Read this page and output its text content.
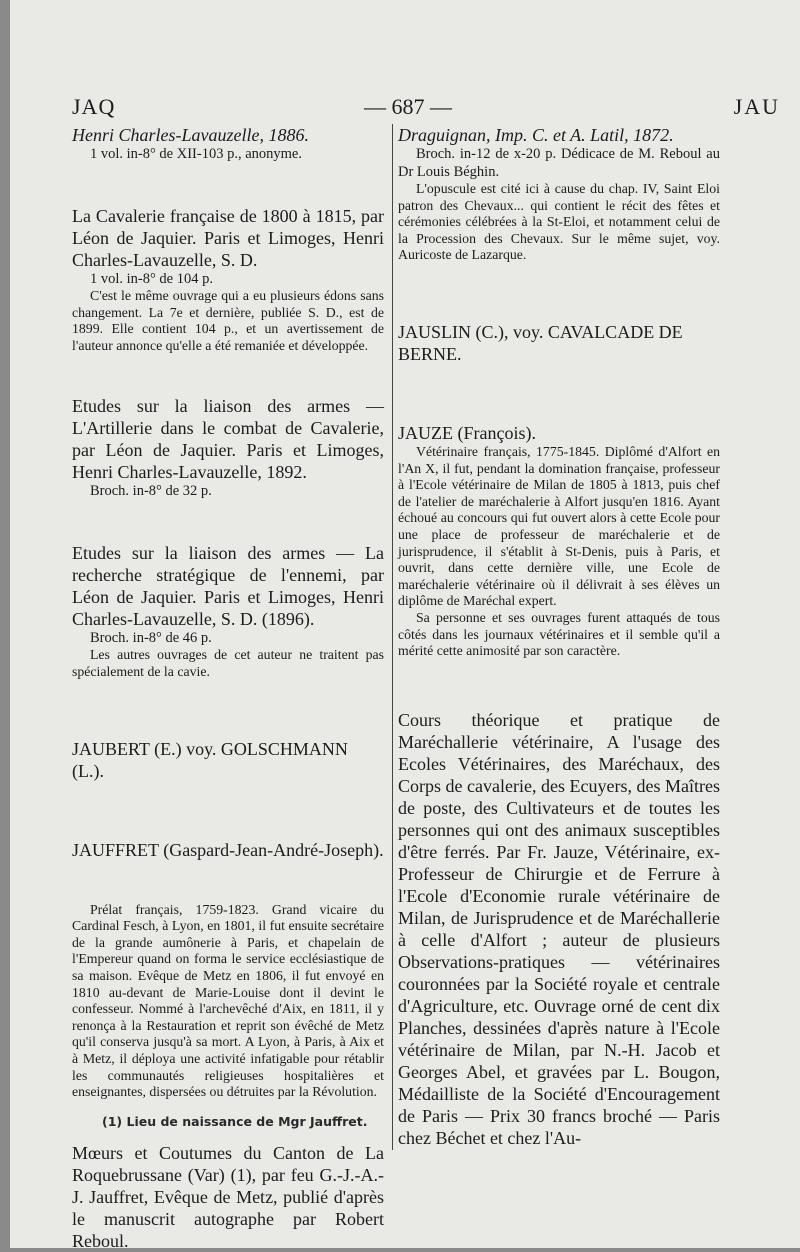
JAQ	— 687 —	JAU

Henri Charles-Lavauzelle, 1886.

1 vol. in-8° de XII-103 p., anonyme.

La Cavalerie française de 1800 à 1815, par Léon de Jaquier. Paris et Limoges, Henri Charles-Lavauzelle, S. D.

1 vol. in-8° de 104 p.

C'est le même ouvrage qui a eu plusieurs édons sans changement. La 7e et dernière, publiée S. D., est de 1899. Elle contient 104 p., et un avertissement de l'auteur annonce qu'elle a été remaniée et développée.

Etudes sur la liaison des armes — L'Artillerie dans le combat de Cavalerie, par Léon de Jaquier. Paris et Limoges, Henri Charles-Lavauzelle, 1892.

Broch. in-8° de 32 p.

Etudes sur la liaison des armes — La recherche stratégique de l'ennemi, par Léon de Jaquier. Paris et Limoges, Henri Charles-Lavauzelle, S. D. (1896).

Broch. in-8° de 46 p.

Les autres ouvrages de cet auteur ne traitent pas spécialement de la cavie.

JAUBERT (E.) voy. GOLSCHMANN (L.).

JAUFFRET (Gaspard-Jean-André-Joseph).

Prélat français, 1759-1823. Grand vicaire du Cardinal Fesch, à Lyon, en 1801, il fut ensuite secrétaire de la grande aumônerie à Paris, et chapelain de l'Empereur quand on forma le service ecclésiastique de sa maison. Evêque de Metz en 1806, il fut envoyé en 1810 au-devant de Marie-Louise dont il devint le confesseur. Nommé à l'archevêché d'Aix, en 1811, il y renonça à la Restauration et reprit son évêché de Metz qu'il conserva jusqu'à sa mort. A Lyon, à Paris, à Aix et à Metz, il déploya une activité infatigable pour rétablir les communautés religieuses hospitalières et enseignantes, dispersées ou détruites par la Révolution.

Mœurs et Coutumes du Canton de La Roquebrussane (Var) (1), par feu G.-J.-A.-J. Jauffret, Evêque de Metz, publié d'après le manuscrit autographe par Robert Reboul.

Draguignan, Imp. C. et A. Latil, 1872.

Broch. in-12 de x-20 p. Dédicace de M. Reboul au Dr Louis Béghin.

L'opuscule est cité ici à cause du chap. IV, Saint Eloi patron des Chevaux... qui contient le récit des fêtes et cérémonies célébrées à la St-Eloi, et notamment celui de la Procession des Chevaux. Sur le même sujet, voy. Auricoste de Lazarque.

JAUSLIN (C.), voy. CAVALCADE DE BERNE.

JAUZE (François).

Vétérinaire français, 1775-1845. Diplômé d'Alfort en l'An X, il fut, pendant la domination française, professeur à l'Ecole vétérinaire de Milan de 1805 à 1813, puis chef de l'atelier de maréchalerie à Alfort jusqu'en 1816. Ayant échoué au concours qui fut ouvert alors à cette Ecole pour une place de professeur de maréchalerie et de jurisprudence, il s'établit à St-Denis, puis à Paris, et ouvrit, dans cette dernière ville, une Ecole de maréchalerie vétérinaire où il délivrait à ses élèves un diplôme de Maréchal expert.

Sa personne et ses ouvrages furent attaqués de tous côtés dans les journaux vétérinaires et il semble qu'il a mérité cette animosité par son caractère.

Cours théorique et pratique de Maréchallerie vétérinaire, A l'usage des Ecoles Vétérinaires, des Maréchaux, des Corps de cavalerie, des Ecuyers, des Maîtres de poste, des Cultivateurs et de toutes les personnes qui ont des animaux susceptibles d'être ferrés. Par Fr. Jauze, Vétérinaire, ex-Professeur de Chirurgie et de Ferrure à l'Ecole d'Economie rurale vétérinaire de Milan, de Jurisprudence et de Maréchallerie à celle d'Alfort ; auteur de plusieurs Observations-pratiques — vétérinaires couronnées par la Société royale et centrale d'Agriculture, etc. Ouvrage orné de cent dix Planches, dessinées d'après nature à l'Ecole vétérinaire de Milan, par N.-H. Jacob et Georges Abel, et gravées par L. Bougon, Médailliste de la Société d'Encouragement de Paris — Prix 30 francs broché — Paris chez Béchet et chez l'Au-

(1) Lieu de naissance de Mgr Jauffret.
